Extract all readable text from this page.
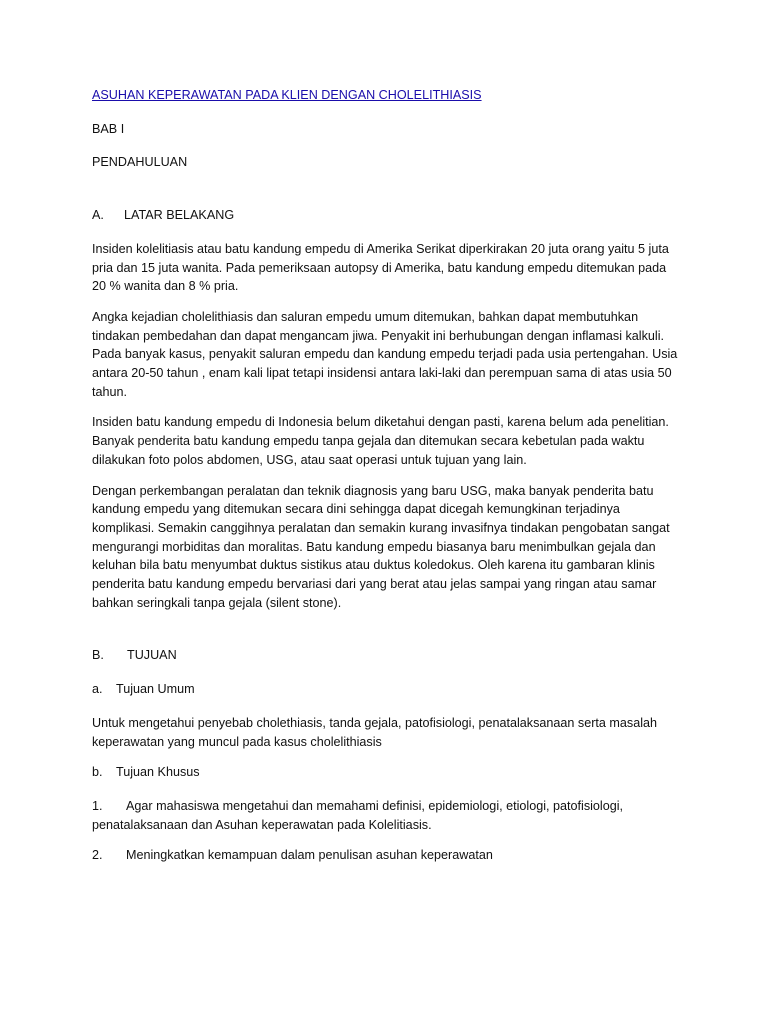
ASUHAN KEPERAWATAN PADA KLIEN DENGAN CHOLELITHIASIS

BAB I

PENDAHULUAN

A. LATAR BELAKANG

Insiden kolelitiasis atau batu kandung empedu di Amerika Serikat diperkirakan 20 juta orang yaitu 5 juta pria dan 15 juta wanita. Pada pemeriksaan autopsy di Amerika, batu kandung empedu ditemukan pada 20 % wanita dan 8 % pria.

Angka kejadian cholelithiasis dan saluran empedu umum ditemukan, bahkan dapat membutuhkan tindakan pembedahan dan dapat mengancam jiwa. Penyakit ini berhubungan dengan inflamasi kalkuli. Pada banyak kasus, penyakit saluran empedu dan kandung empedu terjadi pada usia pertengahan. Usia antara 20-50 tahun , enam kali lipat tetapi insidensi antara laki-laki dan perempuan sama di atas usia 50 tahun.

Insiden batu kandung empedu di Indonesia belum diketahui dengan pasti, karena belum ada penelitian. Banyak penderita batu kandung empedu tanpa gejala dan ditemukan secara kebetulan pada waktu dilakukan foto polos abdomen, USG, atau saat operasi untuk tujuan yang lain.

Dengan perkembangan peralatan dan teknik diagnosis yang baru USG, maka banyak penderita batu kandung empedu yang ditemukan secara dini sehingga dapat dicegah kemungkinan terjadinya komplikasi. Semakin canggihnya peralatan dan semakin kurang invasifnya tindakan pengobatan sangat mengurangi morbiditas dan moralitas. Batu kandung empedu biasanya baru menimbulkan gejala dan keluhan bila batu menyumbat duktus sistikus atau duktus koledokus. Oleh karena itu gambaran klinis penderita batu kandung empedu bervariasi dari yang berat atau jelas sampai yang ringan atau samar bahkan seringkali tanpa gejala (silent stone).

B. TUJUAN

a. Tujuan Umum

Untuk mengetahui penyebab cholethiasis, tanda gejala, patofisiologi, penatalaksanaan serta masalah keperawatan yang muncul pada kasus cholelithiasis

b. Tujuan Khusus

1. Agar mahasiswa mengetahui dan memahami definisi, epidemiologi, etiologi, patofisiologi, penatalaksanaan dan Asuhan keperawatan pada Kolelitiasis.

2. Meningkatkan kemampuan dalam penulisan asuhan keperawatan
